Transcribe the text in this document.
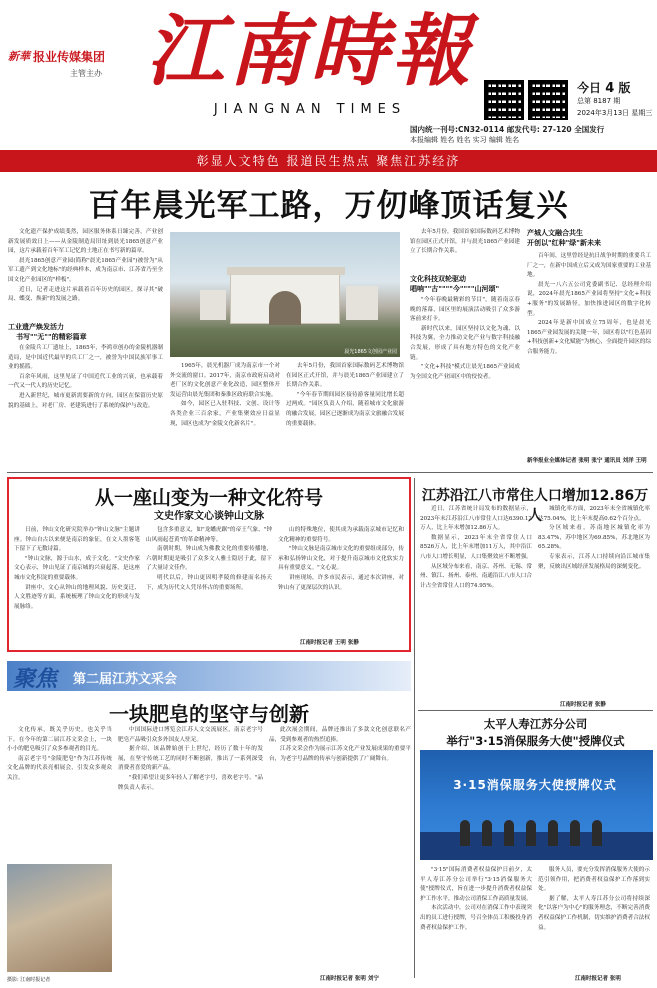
新華 报业传媒集团
主管主办 江南時報
JIANGNAN TIMES
今日 4 版
总第 8187 期
2024年3月13日 星期三
国内统一刊号:CN32-0114 邮发代号: 27-120 全国发行
本报编辑 姓名 姓名 实习 编辑 姓名
彰显人文特色 报道民生热点 聚焦江苏经济
百年晨光军工路，万仞峰顶话复兴

文化遗产保护成绩斐然，园区服务体系日臻完善，产业创新发展质效日上——从金陵制造局旧址到晨光1865创意产业园，这片承载着百年军工记忆的土地正在书写新的篇章。

晨光1865创意产业园(简称"晨光1865产业园")被誉为"从军工遗产到文化地标"的经典样本，成为南京市、江苏省乃至全国文化产业园区的"样板"。

近日，记者走进这片承载着百年历史的园区，探寻其"破局、蝶变、焕新"的发展之路。

工业遗产焕发活力
书写""无""的精彩篇章

在金陵兵工厂遗址上，1865年，李鸿章创办的金陵机器制造局，是中国近代最早的兵工厂之一，被誉为中国民族军事工业的摇篮。

百余年风雨，这里见证了中国近代工业的兴衰，也承载着一代又一代人的历史记忆。

进入新世纪，城市更新需要新的方向，园区在保留历史原貌的基础上，对老厂房、老建筑进行了系统的保护与改造。

晨光1865文创园产业园

1965年，晨光机器厂成为南京市一个对外交流的窗口。2017年，南京市政府启动对老厂区的文化创意产业化改造，园区整体开发运营由晨光集团和秦淮区政府联合实施。

如今，园区已入驻科技、文创、设计等各类企业三百余家，产业集聚效应日益显现，园区也成为"金陵文化新名片"。

去年5月份，我国首家国际数码艺术博物馆在园区正式开馆，并与晨光1865产业园建立了长期合作关系。

"今年春节期间园区接待游客量同比增长超过两成。"园区负责人介绍，随着城市文化旅游的融合发展，园区已逐渐成为南京文旅融合发展的重要载体。

去年5月份，我国首家国际数码艺术博物馆在园区正式开馆，并与晨光1865产业园建立了长期合作关系。

文化科技双轮驱动
唱响""古""""今""""山河颂"

"今年春晚最精彩的节目"，随着南京春晚的落幕，园区里的展演活动吸引了众多游客前来打卡。

新时代以来，园区坚持以文化为魂、以科技为翼，全力推动文化产业与数字科技融合发展，形成了具有地方特色的文化产业链。

"文化+科技"模式让晨光1865产业园成为全国文化产业园区中的佼佼者。

产城人文融合共生
开创以"红种"绿"新未来

百年间，这里曾经是抗日战争时期的重要兵工厂之一，在新中国成立后又成为国家重要的工业基地。

晨光一八六五公司党委副书记、总经理介绍说，2024年晨光1865产业园将坚持"文化+科技+服务"的发展路径，加快推进园区的数字化转型。

2024年是新中国成立75周年，也是晨光1865产业园发展的关键一年，园区将以"红色基因+科技创新+文化赋能"为核心，全面提升园区的综合服务能力。

新华报业全媒体记者 张明 张宁 通讯员 刘洋 王明
从一座山变为一种文化符号
文史作家文心谈钟山文脉

日前，钟山文化研究院举办"钟山文脉"主题讲座。钟山自古以来便是南京的象征，在文人墨客笔下留下了无数诗篇。

"钟山文脉，源于山水，成于文化。"文史作家文心表示，钟山见证了南京城的兴衰起落，是这座城市文化积淀的重要载体。

讲座中，文心从钟山的地理风貌、历史变迁、人文胜迹等方面，系统梳理了钟山文化的形成与发展脉络。

包含多重意义，如"龙蟠虎踞"的帝王气象、"钟山风雨起苍黄"的革命精神等。

南朝时期，钟山成为佛教文化的重要传播地，六朝时期更是吸引了众多文人雅士隐居于此，留下了大量诗文佳作。

明代以后，钟山更因明孝陵的修建而名扬天下，成为历代文人凭吊怀古的重要场所。

山的特殊地位，使其成为承载南京城市记忆和文化精神的重要符号。

"钟山文脉是南京城市文化的重要组成部分，传承和弘扬钟山文化，对于提升南京城市文化软实力具有重要意义。"文心说。

讲座现场，许多市民表示，通过本次讲座，对钟山有了更深层次的认识。

江南时报记者 王明 张静
江苏沿江八市常住人口增加12.86万人

近日，江苏省统计局发布的数据显示，2023年末江苏沿江八市常住人口达6390.12万人，比上年末增加12.86万人。

数据显示，2023年末全省常住人口8526万人，比上年末增加11万人，其中沿江八市人口增长明显，人口集聚效应不断增强。

从区域分布来看，南京、苏州、无锡、常州、镇江、扬州、泰州、南通沿江八市人口合计占全省常住人口的74.95%。

城镇化率方面，2023年末全省城镇化率达75.04%，比上年末提高0.62个百分点。

分区域来看，苏南地区城镇化率为83.47%，苏中地区为69.85%，苏北地区为65.28%。

专家表示，江苏人口持续向沿江城市集聚，反映出区域经济发展格局的深刻变化。

江南时报记者 张静
太平人寿江苏分公司
举行"3·15消保服务大使"授牌仪式
3·15消保服务大使授牌仪式

"3·15"国际消费者权益保护日前夕，太平人寿江苏分公司举行"3·15消保服务大使"授牌仪式，旨在进一步提升消费者权益保护工作水平，推动公司消保工作高质量发展。

本次活动中，公司对在消保工作中表现突出的员工进行授牌，号召全体员工积极投身消费者权益保护工作。

服务人员，要充分发挥消保服务大使的示范引领作用，把消费者权益保护工作落到实处。

据了解，太平人寿江苏分公司将持续深化"以客户为中心"的服务理念，不断完善消费者权益保护工作机制，切实维护消费者合法权益。

江南时报记者 张明
聚焦 第二届江苏文采会
一块肥皂的坚守与创新

文化传承，既关乎历史，也关乎当下。在今年的第二届江苏文采会上，一块小小的肥皂吸引了众多参观者的目光。

南京老字号"金陵肥皂"作为江苏传统文化品牌的代表亮相展会，引发众多观众关注。

摄影: 江南时报记者

中国国际进口博览会江苏人文交流展区，南京老字号肥皂产品吸引众多外国友人驻足。

据介绍，该品牌始创于上世纪，经历了数十年的发展，在坚守传统工艺的同时不断创新，推出了一系列深受消费者喜爱的新产品。

"我们希望让更多年轻人了解老字号，喜欢老字号。"品牌负责人表示。

此次展会期间，品牌还推出了多款文化创意联名产品，受到参观者的热烈追捧。

江苏文采会作为展示江苏文化产业发展成果的重要平台，为老字号品牌的传承与创新提供了广阔舞台。

江南时报记者 张明 刘宁
